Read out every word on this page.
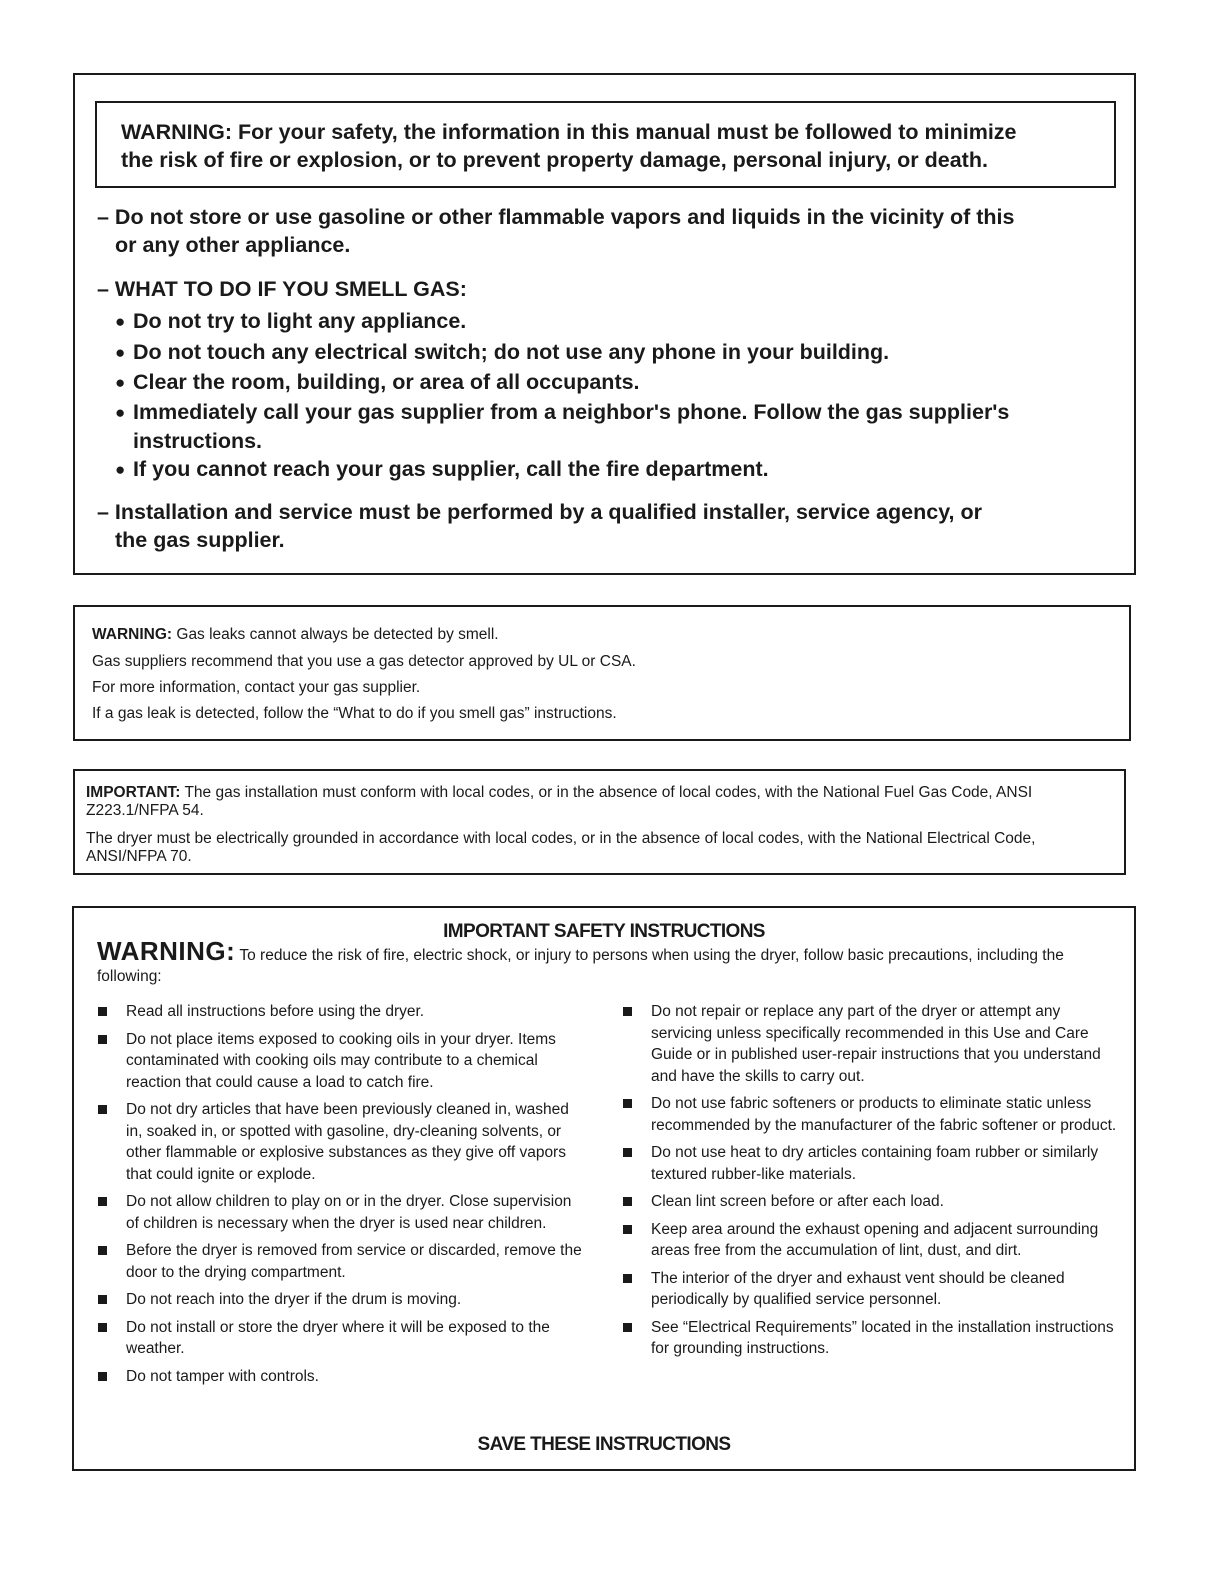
WARNING: For your safety, the information in this manual must be followed to minimize
the risk of fire or explosion, or to prevent property damage, personal injury, or death.

– Do not store or use gasoline or other flammable vapors and liquids in the vicinity of this
or any other appliance.
– WHAT TO DO IF YOU SMELL GAS:
● Do not try to light any appliance.
● Do not touch any electrical switch; do not use any phone in your building.
● Clear the room, building, or area of all occupants.
● Immediately call your gas supplier from a neighbor's phone. Follow the gas supplier's
instructions.
● If you cannot reach your gas supplier, call the fire department.
– Installation and service must be performed by a qualified installer, service agency, or
the gas supplier.
WARNING: Gas leaks cannot always be detected by smell.
Gas suppliers recommend that you use a gas detector approved by UL or CSA.
For more information, contact your gas supplier.
If a gas leak is detected, follow the “What to do if you smell gas” instructions.
IMPORTANT: The gas installation must conform with local codes, or in the absence of local codes, with the National Fuel Gas Code, ANSI Z223.1/NFPA 54.
The dryer must be electrically grounded in accordance with local codes, or in the absence of local codes, with the National Electrical Code, ANSI/NFPA 70.
IMPORTANT SAFETY INSTRUCTIONS
WARNING: To reduce the risk of fire, electric shock, or injury to persons when using the dryer, follow basic precautions, including the following:
Read all instructions before using the dryer.
Do not place items exposed to cooking oils in your dryer. Items contaminated with cooking oils may contribute to a chemical reaction that could cause a load to catch fire.
Do not dry articles that have been previously cleaned in, washed in, soaked in, or spotted with gasoline, dry-cleaning solvents, or other flammable or explosive substances as they give off vapors that could ignite or explode.
Do not allow children to play on or in the dryer. Close supervision of children is necessary when the dryer is used near children.
Before the dryer is removed from service or discarded, remove the door to the drying compartment.
Do not reach into the dryer if the drum is moving.
Do not install or store the dryer where it will be exposed to the weather.
Do not tamper with controls.
Do not repair or replace any part of the dryer or attempt any servicing unless specifically recommended in this Use and Care Guide or in published user-repair instructions that you understand and have the skills to carry out.
Do not use fabric softeners or products to eliminate static unless recommended by the manufacturer of the fabric softener or product.
Do not use heat to dry articles containing foam rubber or similarly textured rubber-like materials.
Clean lint screen before or after each load.
Keep area around the exhaust opening and adjacent surrounding areas free from the accumulation of lint, dust, and dirt.
The interior of the dryer and exhaust vent should be cleaned periodically by qualified service personnel.
See “Electrical Requirements” located in the installation instructions for grounding instructions.
SAVE THESE INSTRUCTIONS
